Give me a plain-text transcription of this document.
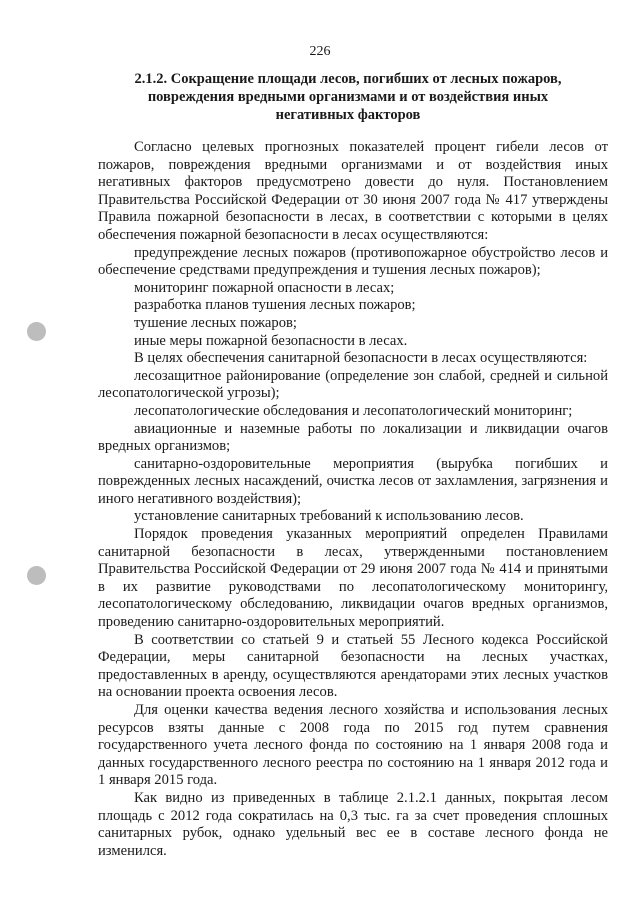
226
2.1.2. Сокращение площади лесов, погибших от лесных пожаров, повреждения вредными организмами и от воздействия иных негативных факторов

Согласно целевых прогнозных показателей процент гибели лесов от пожаров, повреждения вредными организмами и от воздействия иных негативных факторов предусмотрено довести до нуля. Постановлением Правительства Российской Федерации от 30 июня 2007 года № 417 утверждены Правила пожарной безопасности в лесах, в соответствии с которыми в целях обеспечения пожарной безопасности в лесах осуществляются:

предупреждение лесных пожаров (противопожарное обустройство лесов и обеспечение средствами предупреждения и тушения лесных пожаров);

мониторинг пожарной опасности в лесах;

разработка планов тушения лесных пожаров;

тушение лесных пожаров;

иные меры пожарной безопасности в лесах.

В целях обеспечения санитарной безопасности в лесах осуществляются:

лесозащитное районирование (определение зон слабой, средней и сильной лесопатологической угрозы);

лесопатологические обследования и лесопатологический мониторинг;

авиационные и наземные работы по локализации и ликвидации очагов вредных организмов;

санитарно-оздоровительные мероприятия (вырубка погибших и поврежденных лесных насаждений, очистка лесов от захламления, загрязнения и иного негативного воздействия);

установление санитарных требований к использованию лесов.

Порядок проведения указанных мероприятий определен Правилами санитарной безопасности в лесах, утвержденными постановлением Правительства Российской Федерации от 29 июня 2007 года № 414 и принятыми в их развитие руководствами по лесопатологическому мониторингу, лесопатологическому обследованию, ликвидации очагов вредных организмов, проведению санитарно-оздоровительных мероприятий.

В соответствии со статьей 9 и статьей 55 Лесного кодекса Российской Федерации, меры санитарной безопасности на лесных участках, предоставленных в аренду, осуществляются арендаторами этих лесных участков на основании проекта освоения лесов.

Для оценки качества ведения лесного хозяйства и использования лесных ресурсов взяты данные с 2008 года по 2015 год путем сравнения государственного учета лесного фонда по состоянию на 1 января 2008 года и данных государственного лесного реестра по состоянию на 1 января 2012 года и 1 января 2015 года.

Как видно из приведенных в таблице 2.1.2.1 данных, покрытая лесом площадь с 2012 года сократилась на 0,3 тыс. га за счет проведения сплошных санитарных рубок, однако удельный вес ее в составе лесного фонда не изменился.
